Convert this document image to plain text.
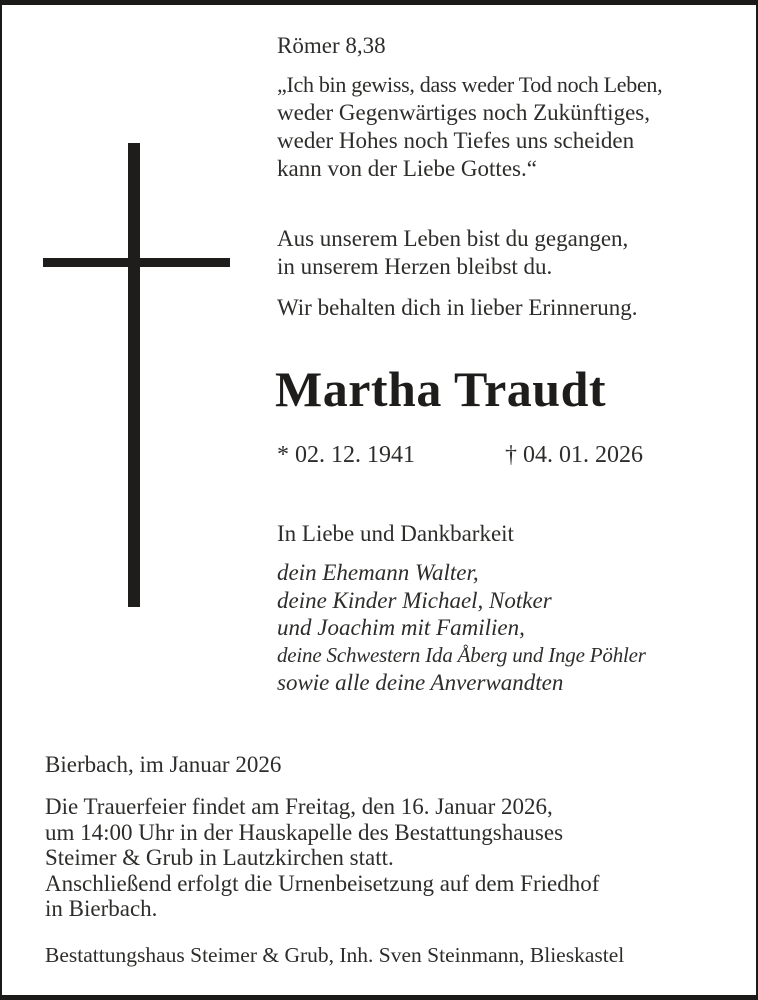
Römer 8,38

„Ich bin gewiss, dass weder Tod noch Leben,

weder Gegenwärtiges noch Zukünftiges,

weder Hohes noch Tiefes uns scheiden

kann von der Liebe Gottes.“

Aus unserem Leben bist du gegangen,

in unserem Herzen bleibst du.

Wir behalten dich in lieber Erinnerung.

Martha Traudt

* 02. 12. 1941	† 04. 01. 2026

In Liebe und Dankbarkeit

dein Ehemann Walter,

deine Kinder Michael, Notker

und Joachim mit Familien,

deine Schwestern Ida Åberg und Inge Pöhler

sowie alle deine Anverwandten

Bierbach, im Januar 2026

Die Trauerfeier findet am Freitag, den 16. Januar 2026,

um 14:00 Uhr in der Hauskapelle des Bestattungshauses

Steimer & Grub in Lautzkirchen statt.

Anschließend erfolgt die Urnenbeisetzung auf dem Friedhof

in Bierbach.

Bestattungshaus Steimer & Grub, Inh. Sven Steinmann, Blieskastel
